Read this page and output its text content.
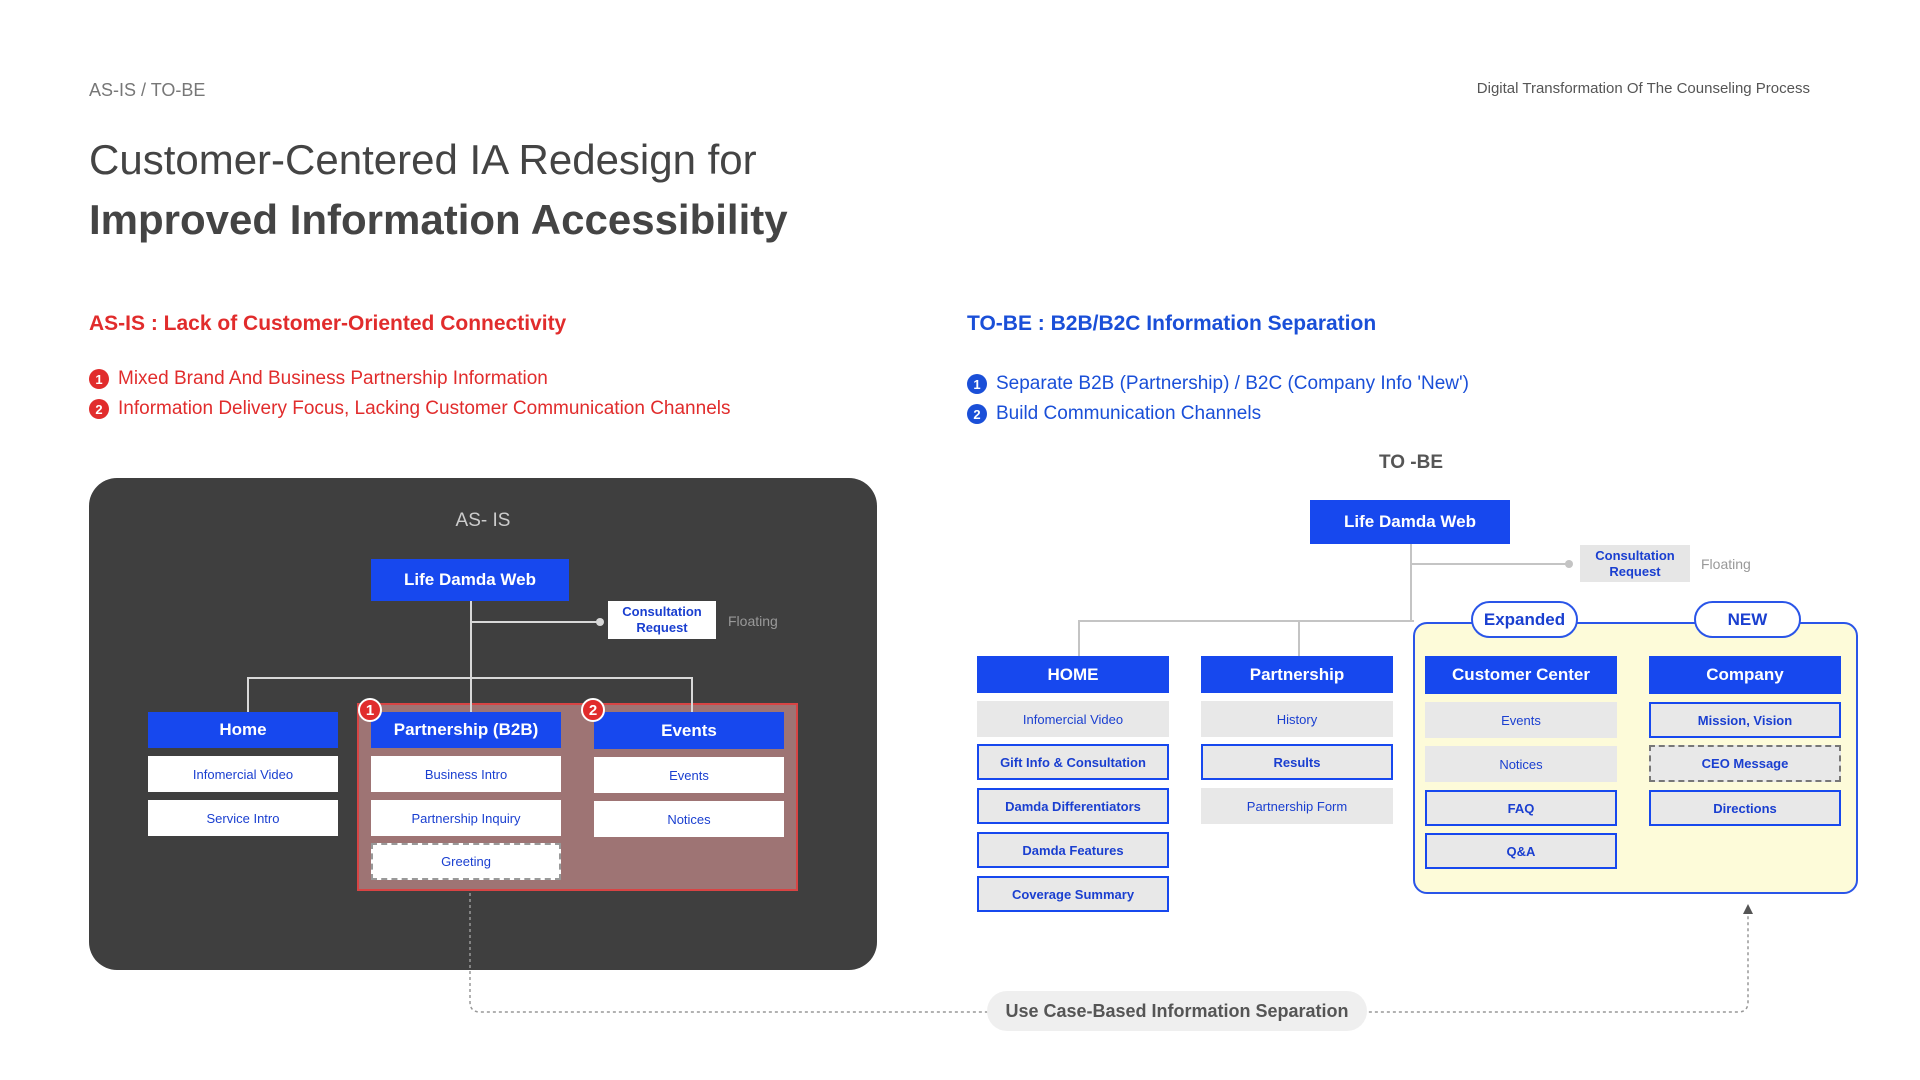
AS-IS / TO-BE	Digital Transformation Of The Counseling Process
Customer-Centered IA Redesign for
Improved Information Accessibility
AS-IS : Lack of Customer-Oriented Connectivity
1 Mixed Brand And Business Partnership Information
2 Information Delivery Focus, Lacking Customer Communication Channels
TO-BE : B2B/B2C Information Separation
1 Separate B2B (Partnership) / B2C (Company Info 'New')
2 Build Communication Channels
AS- IS
Life Damda Web
Consultation Request	Floating
Home
Infomercial Video
Service Intro
Partnership (B2B)
1
Business Intro
Partnership Inquiry
Greeting
Events
2
Events
Notices
TO -BE
Life Damda Web
Consultation Request	Floating
Expanded	NEW
HOME
Infomercial Video
Gift Info & Consultation
Damda Differentiators
Damda Features
Coverage Summary
Partnership
History
Results
Partnership Form
Customer Center
Events
Notices
FAQ
Q&A
Company
Mission, Vision
CEO Message
Directions
Use Case-Based Information Separation
